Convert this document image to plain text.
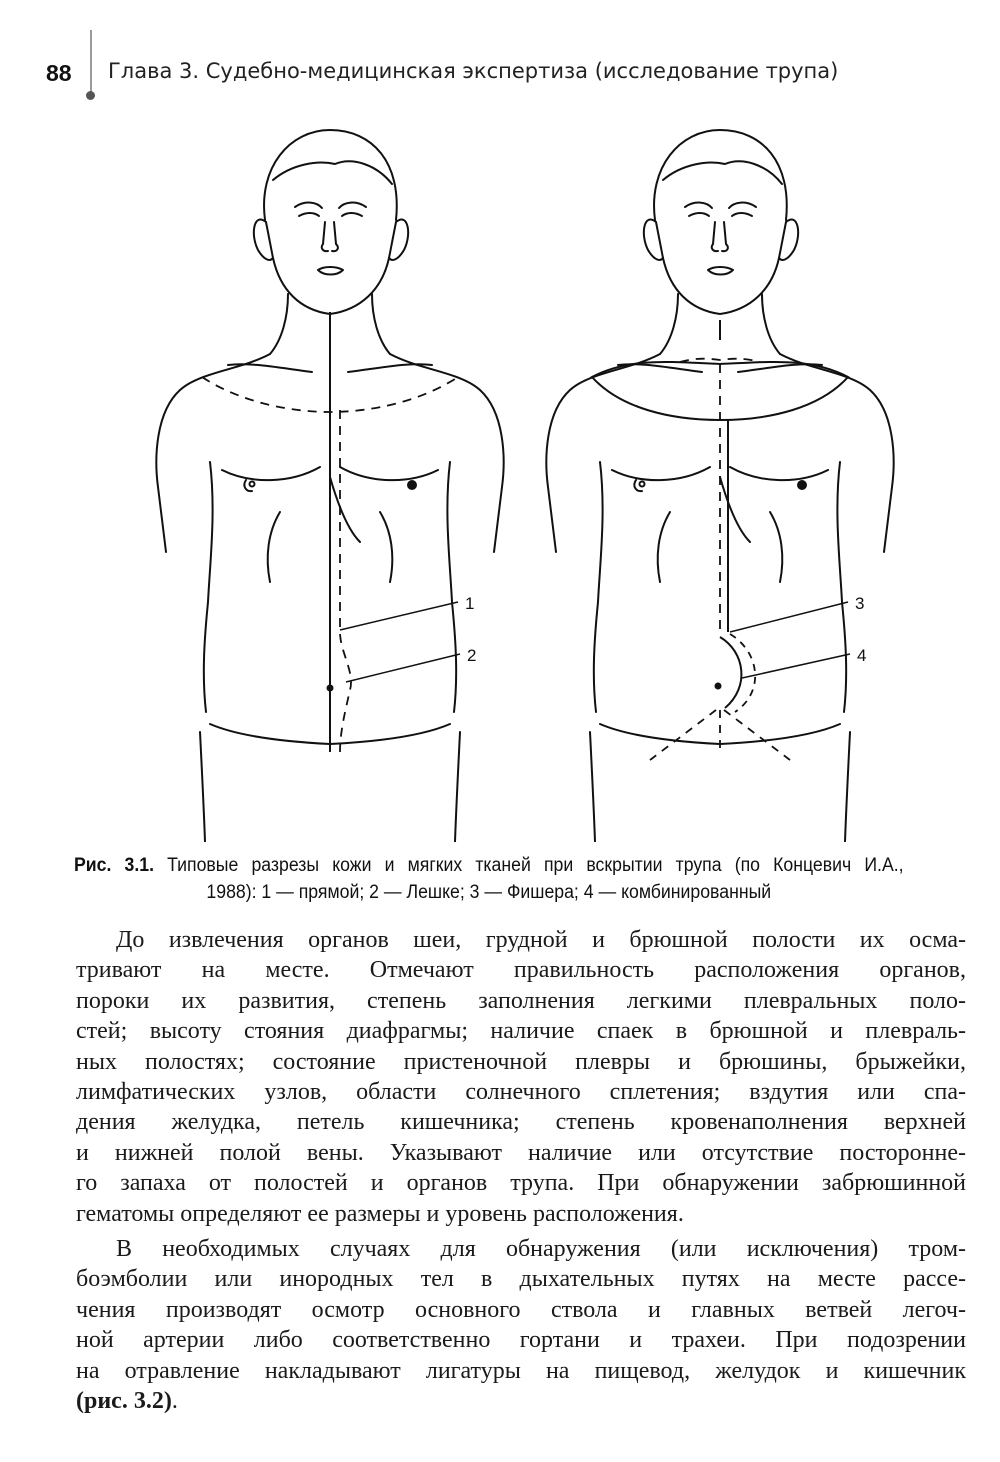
88 Глава 3. Судебно-медицинская экспертиза (исследование трупа)
1
2
3
4
Рис. 3.1. Типовые разрезы кожи и мягких тканей при вскрытии трупа (по Концевич И.А.,
1988): 1 — прямой; 2 — Лешке; 3 — Фишера; 4 — комбинированный

До извлечения органов шеи, грудной и брюшной полости их осма-
тривают на месте. Отмечают правильность расположения органов,
пороки их развития, степень заполнения легкими плевральных поло-
стей; высоту стояния диафрагмы; наличие спаек в брюшной и плевраль-
ных полостях; состояние пристеночной плевры и брюшины, брыжейки,
лимфатических узлов, области солнечного сплетения; вздутия или спа-
дения желудка, петель кишечника; степень кровенаполнения верхней
и нижней полой вены. Указывают наличие или отсутствие постороннe-
го запаха от полостей и органов трупа. При обнаружении забрюшинной
гематомы определяют ее размеры и уровень расположения.

В необходимых случаях для обнаружения (или исключения) тром-
боэмболии или инородных тел в дыхательных путях на месте рассе-
чения производят осмотр основного ствола и главных ветвей легоч-
ной артерии либо соответственно гортани и трахеи. При подозрении
на отравление накладывают лигатуры на пищевод, желудок и кишечник
(рис. 3.2).
